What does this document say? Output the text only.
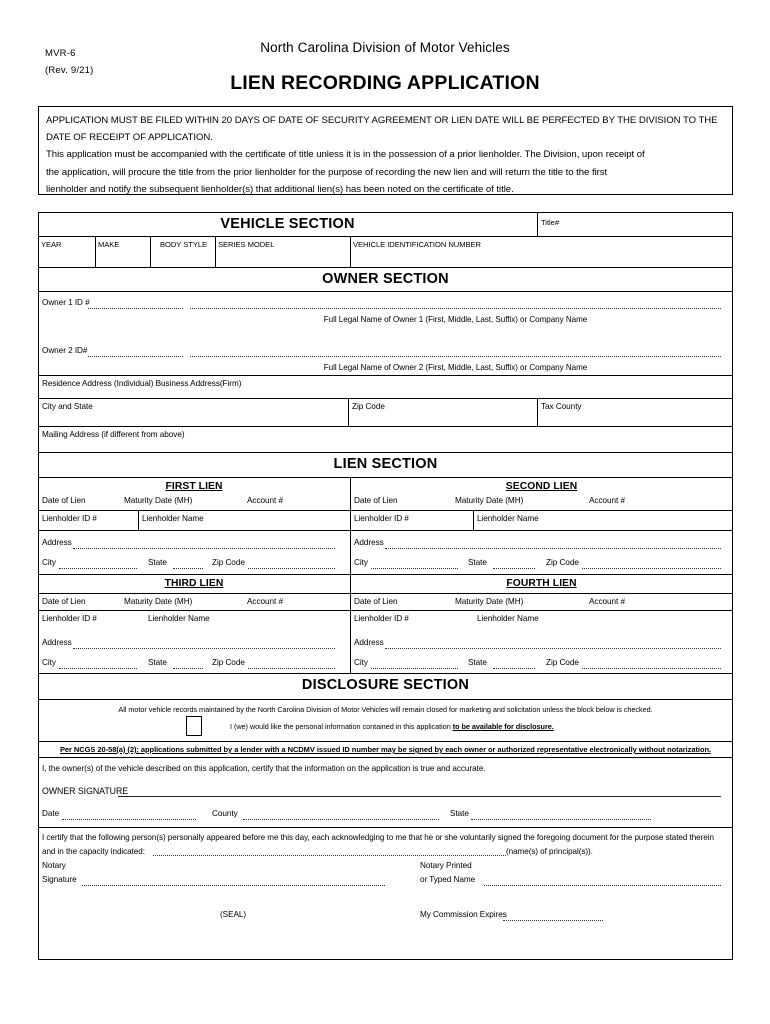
MVR-6
(Rev. 9/21)
North Carolina Division of Motor Vehicles
LIEN RECORDING APPLICATION

APPLICATION MUST BE FILED WITHIN 20 DAYS OF DATE OF SECURITY AGREEMENT OR LIEN DATE WILL BE PERFECTED BY THE DIVISION TO THE

DATE OF RECEIPT OF APPLICATION.

This application must be accompanied with the certificate of title unless it is in the possession of a prior lienholder. The Division, upon receipt of

the application, will procure the title from the prior lienholder for the purpose of recording the new lien and will return the title to the first

lienholder and notify the subsequent lienholder(s) that additional lien(s) has been noted on the certificate of title.

VEHICLE SECTION	Title#
YEAR	MAKE	BODY STYLE SERIES MODEL	VEHICLE IDENTIFICATION NUMBER
OWNER SECTION
Owner 1 ID #
Full Legal Name of Owner 1 (First, Middle, Last, Suffix) or Company Name
Owner 2 ID#
Full Legal Name of Owner 2 (First, Middle, Last, Suffix) or Company Name
Residence Address (Individual) Business Address(Firm)
City and State	Zip Code	Tax County
Mailing Address (if different from above)
LIEN SECTION
FIRST LIEN
Date of Lien	Maturity Date (MH)	Account #
Lienholder ID #	Lienholder Name
Address
City	State	Zip Code
SECOND LIEN
Date of Lien	Maturity Date (MH)	Account #
Lienholder ID #	Lienholder Name
Address
City	State	Zip Code
THIRD LIEN	FOURTH LIEN
Date of Lien	Maturity Date (MH)	Account #
Lienholder ID #	Lienholder Name
Address
City	State	Zip Code
Date of Lien	Maturity Date (MH)	Account #
Lienholder ID #	Lienholder Name
Address
City	State	Zip Code
DISCLOSURE SECTION
All motor vehicle records maintained by the North Carolina Division of Motor Vehicles will remain closed for marketing and solicitation unless the block below is checked.
I (we) would like the personal information contained in this application to be available for disclosure.
Per NCGS 20-58(a) (2); applications submitted by a lender with a NCDMV issued ID number may be signed by each owner or authorized representative electronically without notarization.
I, the owner(s) of the vehicle described on this application, certify that the information on the application is true and accurate.
OWNER SIGNATURE
Date	County	State
I certify that the following person(s) personally appeared before me this day, each acknowledging to me that he or she voluntarily signed the foregoing document for the purpose stated therein
and in the capacity indicated:	(name(s) of principal(s)).
Notary
Signature
Notary Printed
or Typed Name
(SEAL)	My Commission Expires
